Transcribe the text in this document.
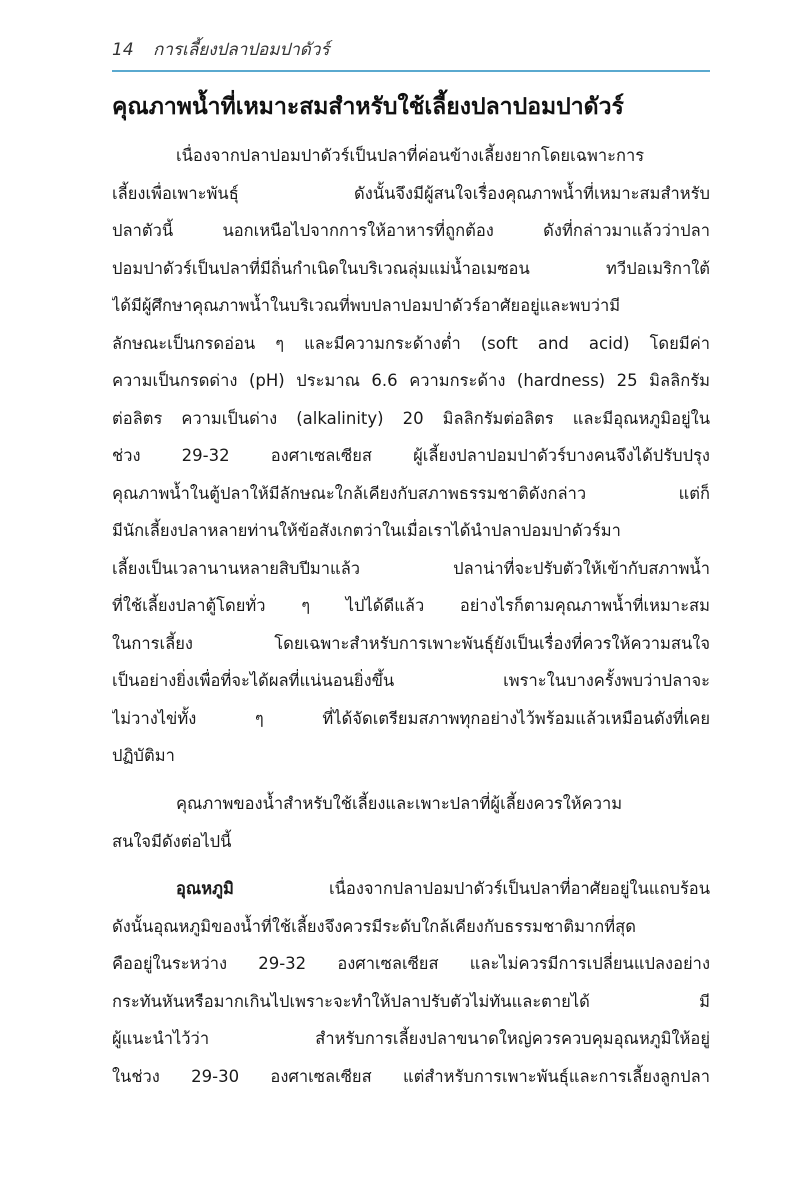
14 การเลี้ยงปลาปอมปาดัวร์
คุณภาพน้ำที่เหมาะสมสำหรับใช้เลี้ยงปลาปอมปาดัวร์
เนื่องจากปลาปอมปาดัวร์เป็นปลาที่ค่อนข้างเลี้ยงยากโดยเฉพาะการ
เลี้ยงเพื่อเพาะพันธุ์ ดังนั้นจึงมีผู้สนใจเรื่องคุณภาพน้ำที่เหมาะสมสำหรับ
ปลาตัวนี้ นอกเหนือไปจากการให้อาหารที่ถูกต้อง ดังที่กล่าวมาแล้วว่าปลา
ปอมปาดัวร์เป็นปลาที่มีถิ่นกำเนิดในบริเวณลุ่มแม่น้ำอเมซอน ทวีปอเมริกาใต้
ได้มีผู้ศึกษาคุณภาพน้ำในบริเวณที่พบปลาปอมปาดัวร์อาศัยอยู่และพบว่ามี
ลักษณะเป็นกรดอ่อน ๆ และมีความกระด้างต่ำ (soft and acid) โดยมีค่า
ความเป็นกรดด่าง (pH) ประมาณ 6.6 ความกระด้าง (hardness) 25 มิลลิกรัม
ต่อลิตร ความเป็นด่าง (alkalinity) 20 มิลลิกรัมต่อลิตร และมีอุณหภูมิอยู่ใน
ช่วง 29-32 องศาเซลเซียส ผู้เลี้ยงปลาปอมปาดัวร์บางคนจึงได้ปรับปรุง
คุณภาพน้ำในตู้ปลาให้มีลักษณะใกล้เคียงกับสภาพธรรมชาติดังกล่าว แต่ก็
มีนักเลี้ยงปลาหลายท่านให้ข้อสังเกตว่าในเมื่อเราได้นำปลาปอมปาดัวร์มา
เลี้ยงเป็นเวลานานหลายสิบปีมาแล้ว ปลาน่าที่จะปรับตัวให้เข้ากับสภาพน้ำ
ที่ใช้เลี้ยงปลาตู้โดยทั่ว ๆ ไปได้ดีแล้ว อย่างไรก็ตามคุณภาพน้ำที่เหมาะสม
ในการเลี้ยง โดยเฉพาะสำหรับการเพาะพันธุ์ยังเป็นเรื่องที่ควรให้ความสนใจ
เป็นอย่างยิ่งเพื่อที่จะได้ผลที่แน่นอนยิ่งขึ้น เพราะในบางครั้งพบว่าปลาจะ
ไม่วางไข่ทั้ง ๆ ที่ได้จัดเตรียมสภาพทุกอย่างไว้พร้อมแล้วเหมือนดังที่เคย
ปฏิบัติมา
คุณภาพของน้ำสำหรับใช้เลี้ยงและเพาะปลาที่ผู้เลี้ยงควรให้ความ
สนใจมีดังต่อไปนี้
อุณหภูมิ	เนื่องจากปลาปอมปาดัวร์เป็นปลาที่อาศัยอยู่ในแถบร้อน
ดังนั้นอุณหภูมิของน้ำที่ใช้เลี้ยงจึงควรมีระดับใกล้เคียงกับธรรมชาติมากที่สุด
คืออยู่ในระหว่าง 29-32 องศาเซลเซียส และไม่ควรมีการเปลี่ยนแปลงอย่าง
กระทันหันหรือมากเกินไปเพราะจะทำให้ปลาปรับตัวไม่ทันและตายได้ มี
ผู้แนะนำไว้ว่า สำหรับการเลี้ยงปลาขนาดใหญ่ควรควบคุมอุณหภูมิให้อยู่
ในช่วง 29-30 องศาเซลเซียส แต่สำหรับการเพาะพันธุ์และการเลี้ยงลูกปลา
